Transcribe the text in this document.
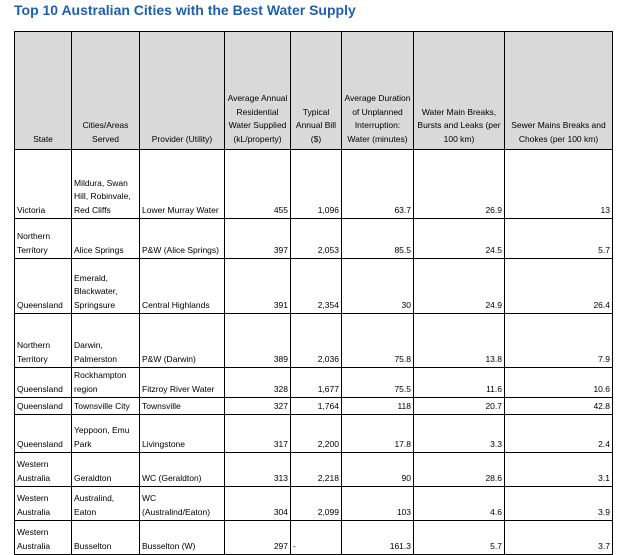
Top 10 Australian Cities with the Best Water Supply
State	Cities/Areas Served	Provider (Utility)	Average Annual Residential Water Supplied (kL/property)	Typical Annual Bill ($)	Average Duration of Unplanned Interruption: Water (minutes)	Water Main Breaks, Bursts and Leaks (per 100 km)	Sewer Mains Breaks and Chokes (per 100 km)
Victoria	Mildura, Swan Hill, Robinvale, Red Cliffs	Lower Murray Water	455	1,096	63.7	26.9	13
Northern Territory	Alice Springs	P&W (Alice Springs)	397	2,053	85.5	24.5	5.7
Queensland	Emerald, Blackwater, Springsure	Central Highlands	391	2,354	30	24.9	26.4
Northern Territory	Darwin, Palmerston	P&W (Darwin)	389	2,036	75.8	13.8	7.9
Queensland	Rockhampton region	Fitzroy River Water	328	1,677	75.5	11.6	10.6
Queensland	Townsville City	Townsville	327	1,764	118	20.7	42.8
Queensland	Yeppoon, Emu Park	Livingstone	317	2,200	17.8	3.3	2.4
Western Australia	Geraldton	WC (Geraldton)	313	2,218	90	28.6	3.1
Western Australia	Australind, Eaton	WC (Australind/Eaton)	304	2,099	103	4.6	3.9
Western Australia	Busselton	Busselton (W)	297	-	161.3	5.7	3.7
